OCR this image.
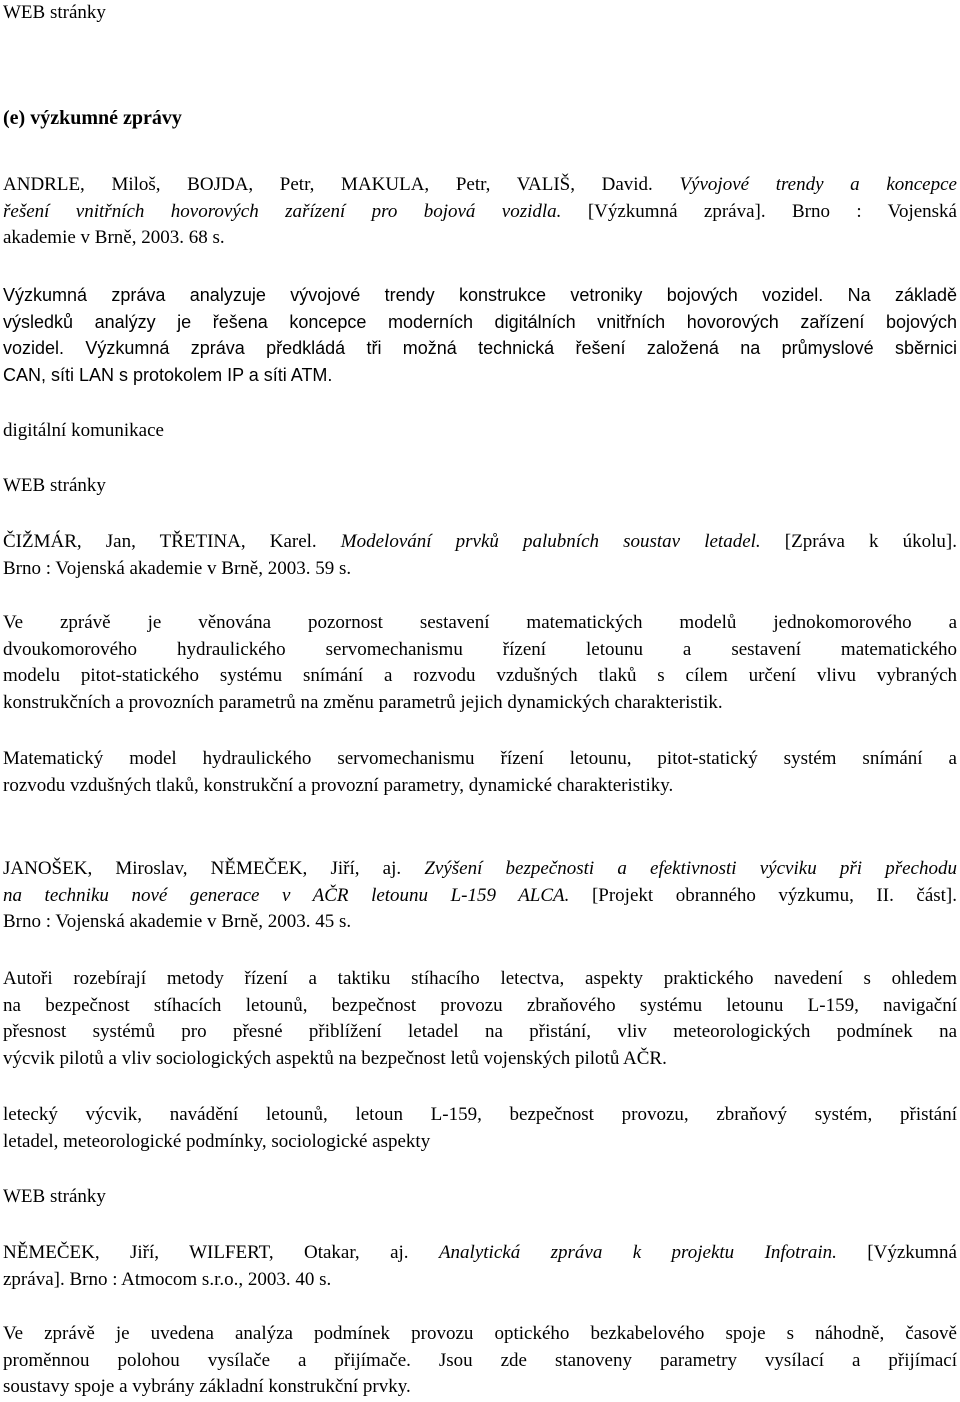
WEB stránky
(e) výzkumné zprávy
ANDRLE, Miloš, BOJDA, Petr, MAKULA, Petr, VALIŠ, David. Vývojové trendy a koncepce
řešení vnitřních hovorových zařízení pro bojová vozidla. [Výzkumná zpráva]. Brno : Vojenská
akademie v Brně, 2003. 68 s.
Výzkumná zpráva analyzuje vývojové trendy konstrukce vetroniky bojových vozidel. Na základě
výsledků analýzy je řešena koncepce moderních digitálních vnitřních hovorových zařízení bojových
vozidel. Výzkumná zpráva předkládá tři možná technická řešení založená na průmyslové sběrnici
CAN, síti LAN s protokolem IP a síti ATM.
digitální komunikace
WEB stránky
ČIŽMÁR, Jan, TŘETINA, Karel. Modelování prvků palubních soustav letadel. [Zpráva k úkolu].
Brno : Vojenská akademie v Brně, 2003. 59 s.
Ve zprávě je věnována pozornost sestavení matematických modelů jednokomorového a
dvoukomorového hydraulického servomechanismu řízení letounu a sestavení matematického
modelu pitot-statického systému snímání a rozvodu vzdušných tlaků s cílem určení vlivu vybraných
konstrukčních a provozních parametrů na změnu parametrů jejich dynamických charakteristik.
Matematický model hydraulického servomechanismu řízení letounu, pitot-statický systém snímání a
rozvodu vzdušných tlaků, konstrukční a provozní parametry, dynamické charakteristiky.
JANOŠEK, Miroslav, NĚMEČEK, Jiří, aj. Zvýšení bezpečnosti a efektivnosti výcviku při přechodu
na techniku nové generace v AČR letounu L-159 ALCA. [Projekt obranného výzkumu, II. část].
Brno : Vojenská akademie v Brně, 2003. 45 s.
Autoři rozebírají metody řízení a taktiku stíhacího letectva, aspekty praktického navedení s ohledem
na bezpečnost stíhacích letounů, bezpečnost provozu zbraňového systému letounu L-159, navigační
přesnost systémů pro přesné přiblížení letadel na přistání, vliv meteorologických podmínek na
výcvik pilotů a vliv sociologických aspektů na bezpečnost letů vojenských pilotů AČR.
letecký výcvik, navádění letounů, letoun L-159, bezpečnost provozu, zbraňový systém, přistání
letadel, meteorologické podmínky, sociologické aspekty
WEB stránky
NĚMEČEK, Jiří, WILFERT, Otakar, aj. Analytická zpráva k projektu Infotrain. [Výzkumná
zpráva]. Brno : Atmocom s.r.o., 2003. 40 s.
Ve zprávě je uvedena analýza podmínek provozu optického bezkabelového spoje s náhodně, časově
proměnnou polohou vysílače a přijímače. Jsou zde stanoveny parametry vysílací a přijímací
soustavy spoje a vybrány základní konstrukční prvky.
